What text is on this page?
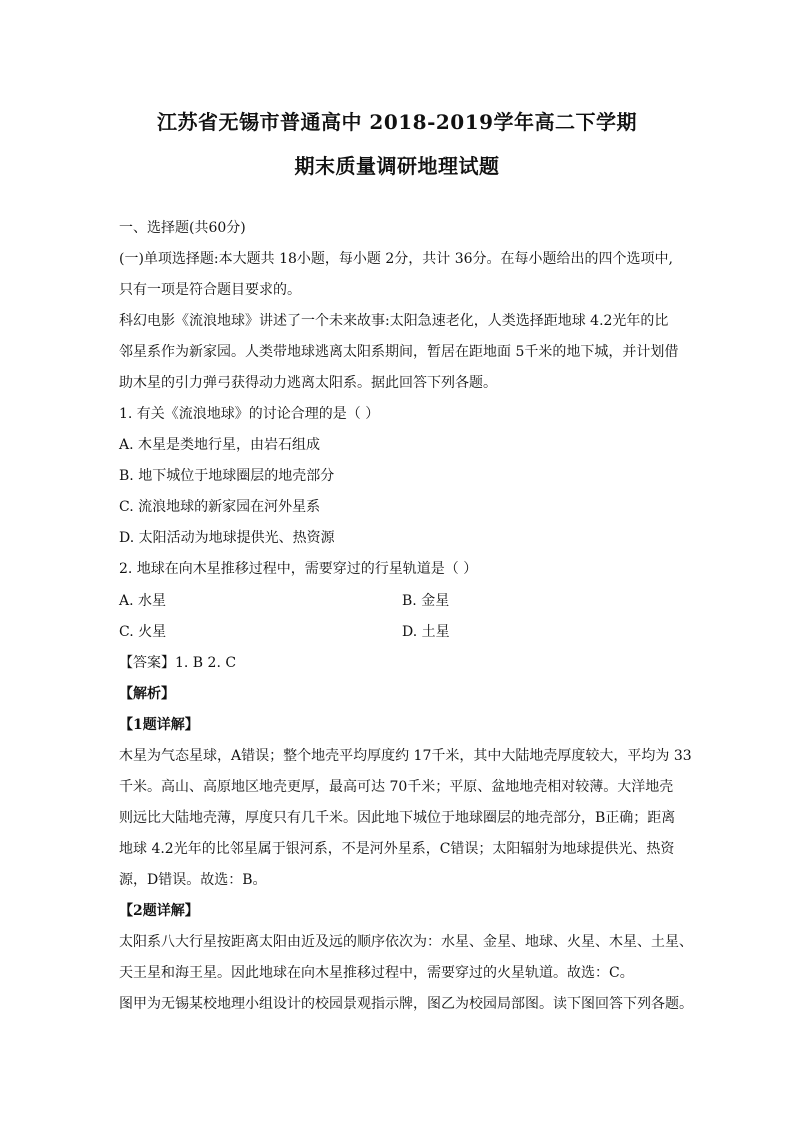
江苏省无锡市普通高中 2018-2019学年高二下学期
期末质量调研地理试题
一、选择题(共60分)
(一)单项选择题:本大题共 18小题，每小题 2分，共计 36分。在每小题给出的四个选项中,
只有一项是符合题目要求的。
科幻电影《流浪地球》讲述了一个未来故事:太阳急速老化，人类选择距地球 4.2光年的比
邻星系作为新家园。人类带地球逃离太阳系期间，暂居在距地面 5千米的地下城，并计划借
助木星的引力弹弓获得动力逃离太阳系。据此回答下列各题。
1. 有关《流浪地球》的讨论合理的是（ ）
A. 木星是类地行星，由岩石组成
B. 地下城位于地球圈层的地壳部分
C. 流浪地球的新家园在河外星系
D. 太阳活动为地球提供光、热资源
2. 地球在向木星推移过程中，需要穿过的行星轨道是（ ）
A. 水星	B. 金星
C. 火星	D. 土星
【答案】1. B 2. C
【解析】
【1题详解】
木星为气态星球，A错误；整个地壳平均厚度约 17千米，其中大陆地壳厚度较大，平均为 33
千米。高山、高原地区地壳更厚，最高可达 70千米；平原、盆地地壳相对较薄。大洋地壳
则远比大陆地壳薄，厚度只有几千米。因此地下城位于地球圈层的地壳部分，B正确；距离
地球 4.2光年的比邻星属于银河系，不是河外星系，C错误；太阳辐射为地球提供光、热资
源，D错误。故选：B。
【2题详解】
太阳系八大行星按距离太阳由近及远的顺序依次为：水星、金星、地球、火星、木星、土星、
天王星和海王星。因此地球在向木星推移过程中，需要穿过的火星轨道。故选：C。
图甲为无锡某校地理小组设计的校园景观指示牌，图乙为校园局部图。读下图回答下列各题。
